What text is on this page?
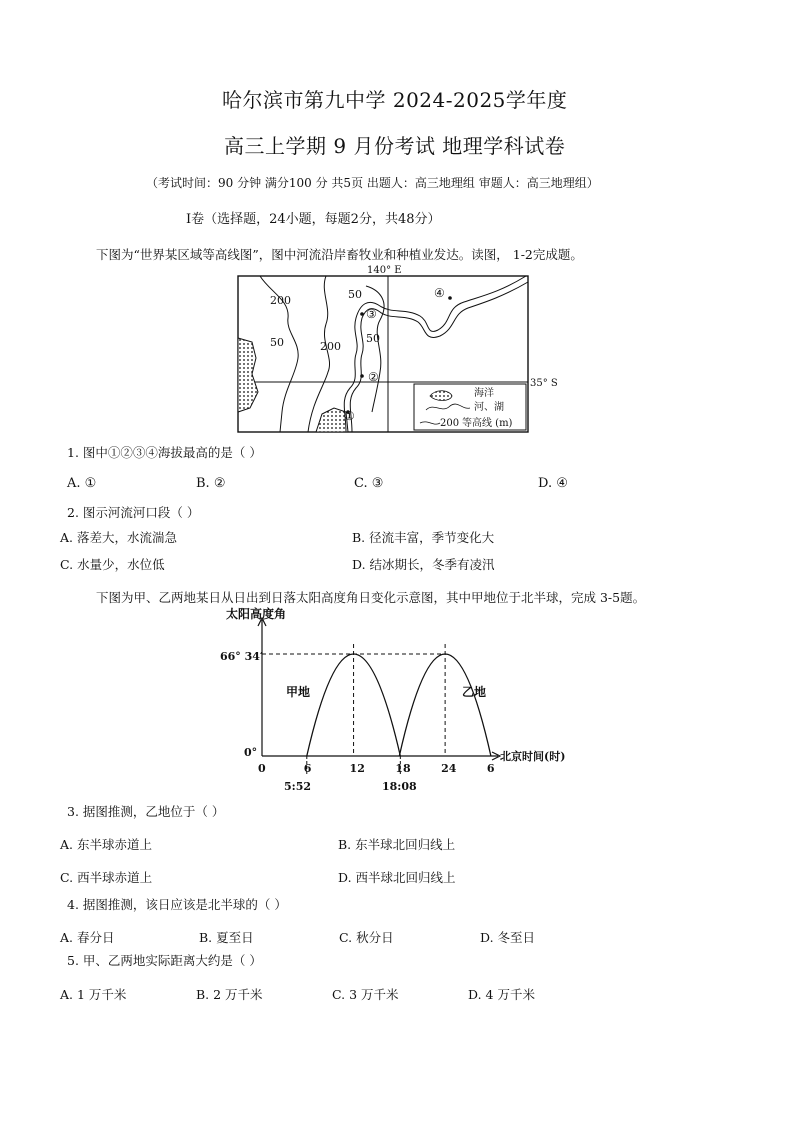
哈尔滨市第九中学 2024-2025学年度
高三上学期 9 月份考试 地理学科试卷
（考试时间：90 分钟 满分100 分 共5页 出题人：高三地理组 审题人：高三地理组）
Ⅰ卷（选择题，24小题，每题2分，共48分）
下图为“世界某区域等高线图”，图中河流沿岸畜牧业和种植业发达。读图， 1-2完成题。
140° E
35° S
200	50
200
50	50
①
②
③
④
海洋
河、湖
200 等高线 (m)
1. 图中①②③④海拔最高的是（ ）
A. ①	B. ②	C. ③	D. ④
2. 图示河流河口段（ ）
A. 落差大，水流湍急	B. 径流丰富，季节变化大
C. 水量少，水位低	D. 结冰期长，冬季有凌汛
下图为甲、乙两地某日从日出到日落太阳高度角日变化示意图，其中甲地位于北半球，完成 3-5题。
太阳高度角
北京时间(时)
66° 34′
0°
0	6	12	18	24	6
甲地	乙地
5:52	18:08
3. 据图推测，乙地位于（ ）
A. 东半球赤道上	B. 东半球北回归线上
C. 西半球赤道上	D. 西半球北回归线上
4. 据图推测，该日应该是北半球的（ ）
A. 春分日	B. 夏至日	C. 秋分日	D. 冬至日
5. 甲、乙两地实际距离大约是（ ）
A. 1 万千米	B. 2 万千米	C. 3 万千米	D. 4 万千米
